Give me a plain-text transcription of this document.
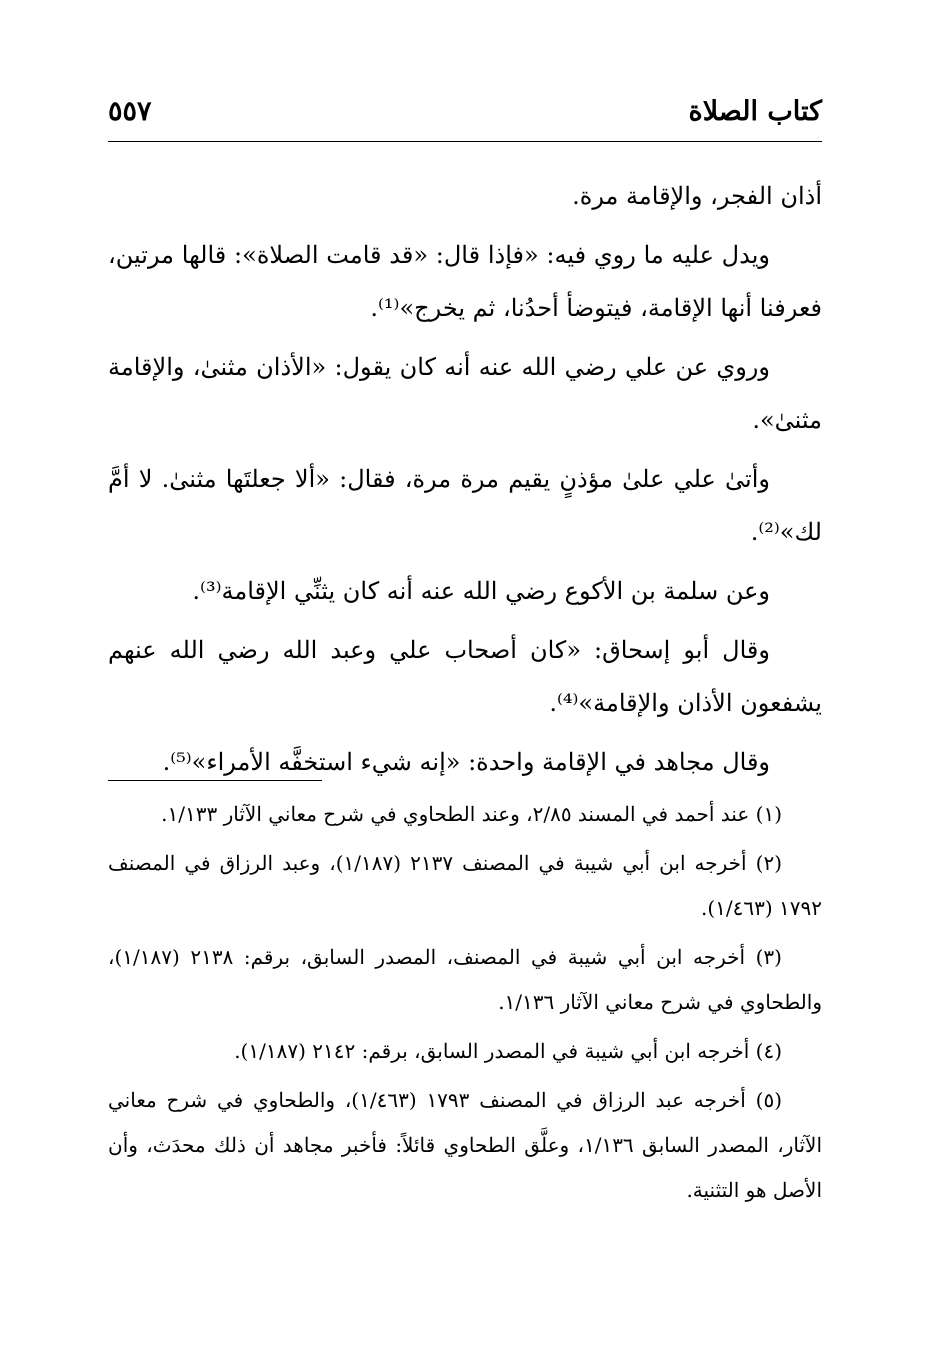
كتاب الصلاة
٥٥٧

أذان الفجر، والإقامة مرة.

ويدل عليه ما روي فيه: «فإذا قال: «قد قامت الصلاة»: قالها مرتين، فعرفنا أنها الإقامة، فيتوضأ أحدُنا، ثم يخرج»⁽¹⁾.

وروي عن علي رضي الله عنه أنه كان يقول: «الأذان مثنىٰ، والإقامة مثنىٰ».

وأتىٰ علي علىٰ مؤذنٍ يقيم مرة مرة، فقال: «ألا جعلتَها مثنىٰ. لا أمَّ لك»⁽²⁾.

وعن سلمة بن الأكوع رضي الله عنه أنه كان يثنِّي الإقامة⁽³⁾.

وقال أبو إسحاق: «كان أصحاب علي وعبد الله رضي الله عنهم يشفعون الأذان والإقامة»⁽⁴⁾.

وقال مجاهد في الإقامة واحدة: «إنه شيء استخفَّه الأمراء»⁽⁵⁾.

(١) عند أحمد في المسند ٢/٨٥، وعند الطحاوي في شرح معاني الآثار ١/١٣٣.

(٢) أخرجه ابن أبي شيبة في المصنف ٢١٣٧ (١/١٨٧)، وعبد الرزاق في المصنف ١٧٩٢ (١/٤٦٣).

(٣) أخرجه ابن أبي شيبة في المصنف، المصدر السابق، برقم: ٢١٣٨ (١/١٨٧)، والطحاوي في شرح معاني الآثار ١/١٣٦.

(٤) أخرجه ابن أبي شيبة في المصدر السابق، برقم: ٢١٤٢ (١/١٨٧).

(٥) أخرجه عبد الرزاق في المصنف ١٧٩٣ (١/٤٦٣)، والطحاوي في شرح معاني الآثار، المصدر السابق ١/١٣٦، وعلَّق الطحاوي قائلاً: فأخبر مجاهد أن ذلك محدَث، وأن الأصل هو التثنية.
